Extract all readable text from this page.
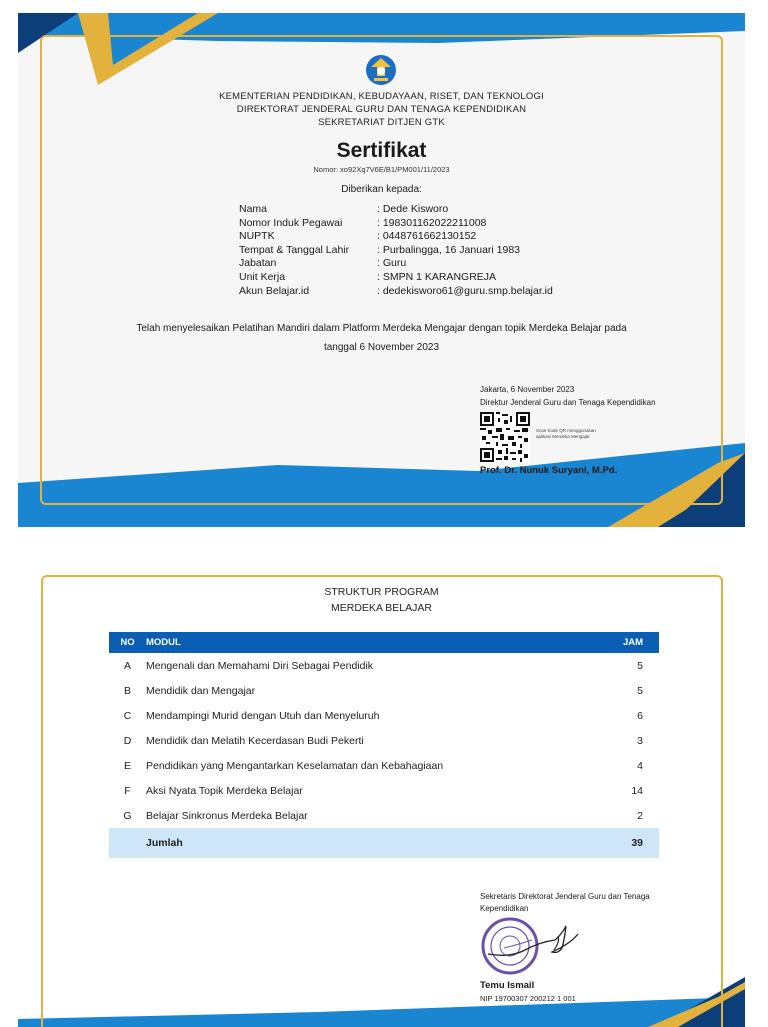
KEMENTERIAN PENDIDIKAN, KEBUDAYAAN, RISET, DAN TEKNOLOGI
DIREKTORAT JENDERAL GURU DAN TENAGA KEPENDIDIKAN
SEKRETARIAT DITJEN GTK
Sertifikat
Nomor: xo92Xq7V6E/B1/PM001/11/2023
Diberikan kepada:
Nama	: Dede Kisworo
Nomor Induk Pegawai	: 198301162022211008
NUPTK	: 0448761662130152
Tempat & Tanggal Lahir	: Purbalingga, 16 Januari 1983
Jabatan	: Guru
Unit Kerja	: SMPN 1 KARANGREJA
Akun Belajar.id	: dedekisworo61@guru.smp.belajar.id
Telah menyelesaikan Pelatihan Mandiri dalam Platform Merdeka Mengajar dengan topik Merdeka Belajar pada
tanggal 6 November 2023
Jakarta, 6 November 2023
Direktur Jenderal Guru dan Tenaga Kependidikan
Scan Kode QR menggunakan
aplikasi Merdeka Mengajar
Prof. Dr. Nunuk Suryani, M.Pd.
STRUKTUR PROGRAM
MERDEKA BELAJAR
NO	MODUL	JAM
A	Mengenali dan Memahami Diri Sebagai Pendidik	5
B	Mendidik dan Mengajar	5
C	Mendampingi Murid dengan Utuh dan Menyeluruh	6
D	Mendidik dan Melatih Kecerdasan Budi Pekerti	3
E	Pendidikan yang Mengantarkan Keselamatan dan Kebahagiaan	4
F	Aksi Nyata Topik Merdeka Belajar	14
G	Belajar Sinkronus Merdeka Belajar	2
	Jumlah	39
Sekretaris Direktorat Jenderal Guru dan Tenaga Kependidikan
Temu Ismail
NIP 19700307 200212 1 001
